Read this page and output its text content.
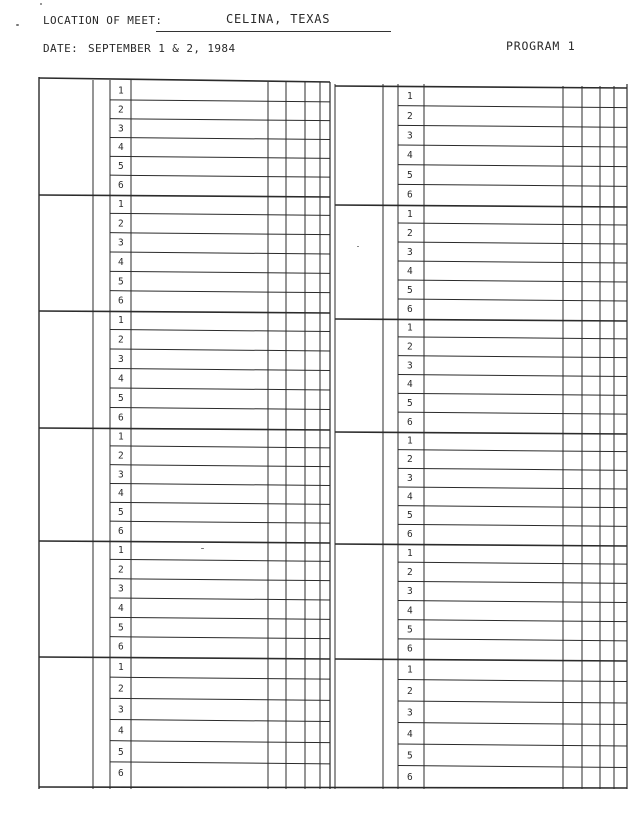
LOCATION OF MEET:	CELINA, TEXAS
DATE: SEPTEMBER 1 & 2, 1984	PROGRAM 1
1
2
3
4
5
6
1
2
3
4
5
6
1
2
3
4
5
6
1
2
3
4
5
6
1
2
3
4
5
6
1
2
3
4
5
6
1
2
3
4
5
6
1
2
3
4
5
6
1
2
3
4
5
6
1
2
3
4
5
6
1
2
3
4
5
6
1
2
3
4
5
6
